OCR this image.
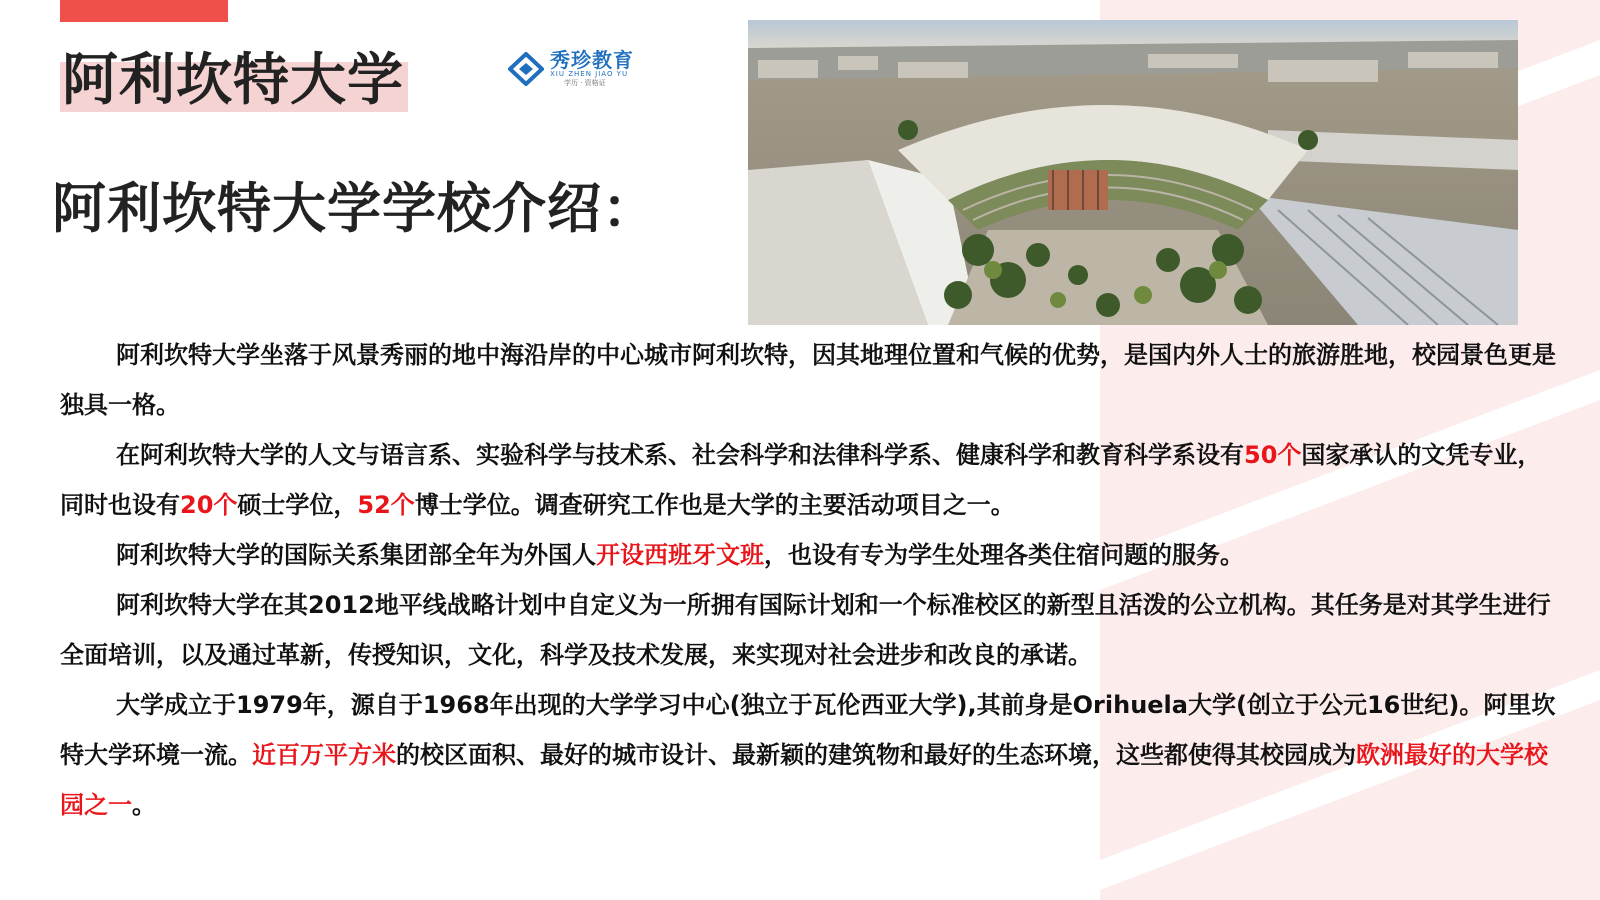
阿利坎特大学	秀珍教育
XIU ZHEN JIAO YU
学历 · 资格证
阿利坎特大学学校介绍：

阿利坎特大学坐落于风景秀丽的地中海沿岸的中心城市阿利坎特，因其地理位置和气候的优势，是国内外人士的旅游胜地，校园景色更是独具一格。

在阿利坎特大学的人文与语言系、实验科学与技术系、社会科学和法律科学系、健康科学和教育科学系设有50个国家承认的文凭专业，同时也设有20个硕士学位，52个博士学位。调查研究工作也是大学的主要活动项目之一。

阿利坎特大学的国际关系集团部全年为外国人开设西班牙文班，也设有专为学生处理各类住宿问题的服务。

阿利坎特大学在其2012地平线战略计划中自定义为一所拥有国际计划和一个标准校区的新型且活泼的公立机构。其任务是对其学生进行全面培训，以及通过革新，传授知识，文化，科学及技术发展，来实现对社会进步和改良的承诺。

大学成立于1979年，源自于1968年出现的大学学习中心(独立于瓦伦西亚大学),其前身是Orihuela大学(创立于公元16世纪)。阿里坎特大学环境一流。近百万平方米的校区面积、最好的城市设计、最新颖的建筑物和最好的生态环境，这些都使得其校园成为欧洲最好的大学校园之一。
